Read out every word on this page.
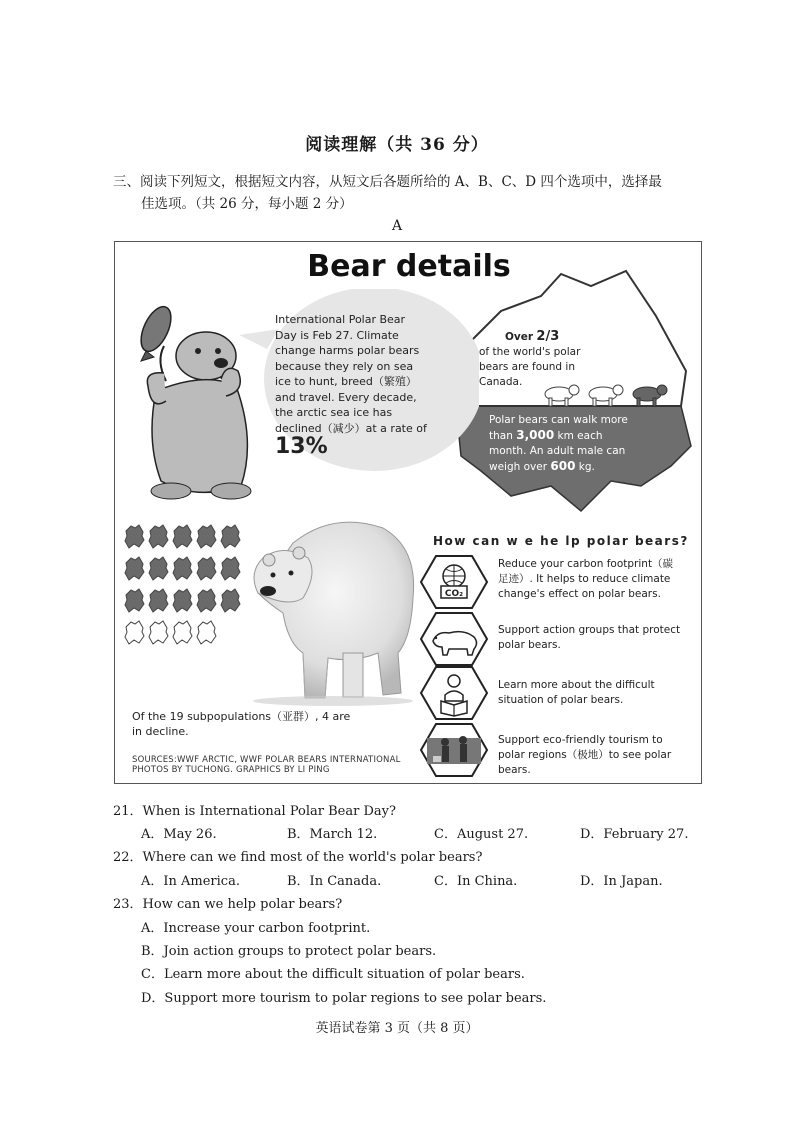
阅读理解（共 36 分）
三、阅读下列短文，根据短文内容，从短文后各题所给的 A、B、C、D 四个选项中，选择最
佳选项。（共 26 分，每小题 2 分）
A
Bear details
International Polar Bear
Day is Feb 27. Climate
change harms polar bears
because they rely on sea
ice to hunt, breed（繁殖）
and travel. Every decade,
the arctic sea ice has
declined（减少）at a rate of
13%
Over 2/3
of the world's polar
bears are found in
Canada.
Polar bears can walk more
than 3,000 km each
month. An adult male can
weigh over 600 kg.
Of the 19 subpopulations（亚群）, 4 are
in decline.
SOURCES:WWF ARCTIC, WWF POLAR BEARS INTERNATIONAL
PHOTOS BY TUCHONG. GRAPHICS BY LI PING
How can w e he lp polar bears?
CO₂
Reduce your carbon footprint（碳
足迹）. It helps to reduce climate
change's effect on polar bears.
Support action groups that protect
polar bears.
Learn more about the difficult
situation of polar bears.
Support eco-friendly tourism to
polar regions（极地）to see polar
bears.
21．When is International Polar Bear Day?
A．May 26.	B．March 12.	C．August 27.	D．February 27.
22．Where can we find most of the world's polar bears?
A．In America.	B．In Canada.	C．In China.	D．In Japan.
23．How can we help polar bears?
A．Increase your carbon footprint.
B．Join action groups to protect polar bears.
C．Learn more about the difficult situation of polar bears.
D．Support more tourism to polar regions to see polar bears.
英语试卷第 3 页（共 8 页）
